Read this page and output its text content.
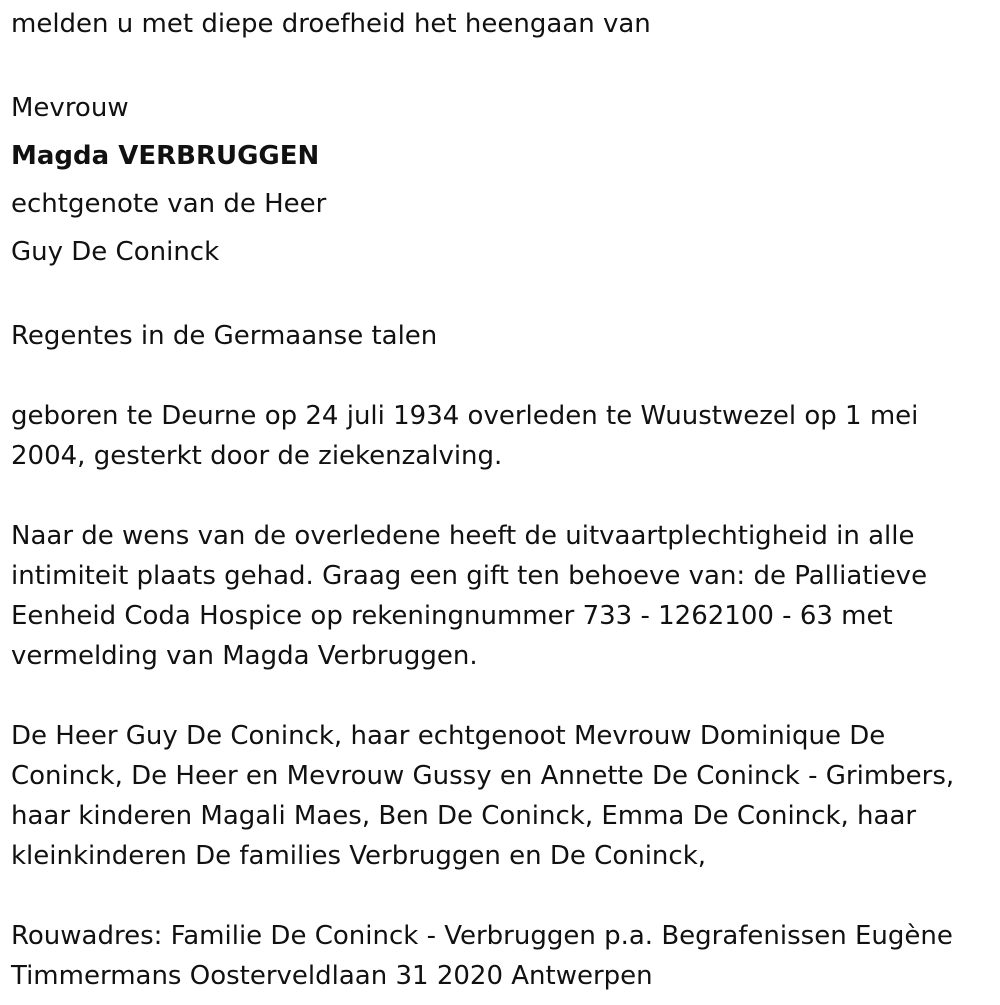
melden u met diepe droefheid het heengaan van

Mevrouw

Magda VERBRUGGEN

echtgenote van de Heer

Guy De Coninck

Regentes in de Germaanse talen

geboren te Deurne op 24 juli 1934 overleden te Wuustwezel op 1 mei

2004, gesterkt door de ziekenzalving.

Naar de wens van de overledene heeft de uitvaartplechtigheid in alle

intimiteit plaats gehad. Graag een gift ten behoeve van: de Palliatieve

Eenheid Coda Hospice op rekeningnummer 733 - 1262100 - 63 met

vermelding van Magda Verbruggen.

De Heer Guy De Coninck, haar echtgenoot Mevrouw Dominique De

Coninck, De Heer en Mevrouw Gussy en Annette De Coninck - Grimbers,

haar kinderen Magali Maes, Ben De Coninck, Emma De Coninck, haar

kleinkinderen De families Verbruggen en De Coninck,

Rouwadres: Familie De Coninck - Verbruggen p.a. Begrafenissen Eugène

Timmermans Oosterveldlaan 31 2020 Antwerpen
